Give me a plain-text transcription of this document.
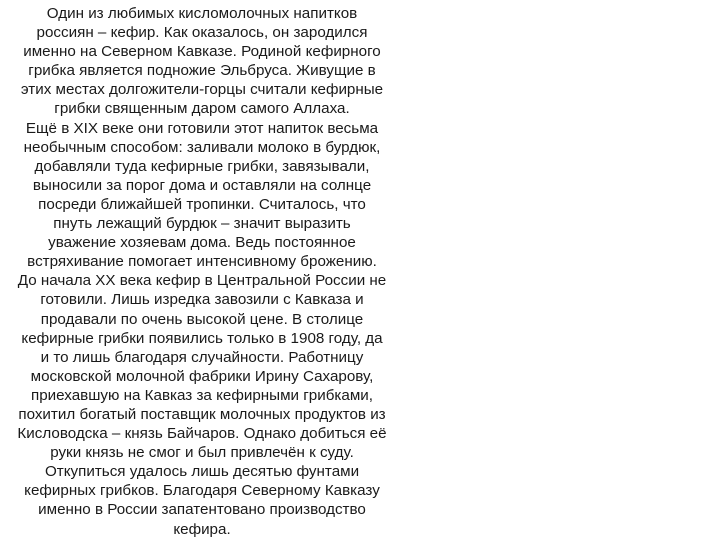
Один из любимых кисломолочных напитков
россиян – кефир. Как оказалось, он зародился
именно на Северном Кавказе. Родиной кефирного
грибка является подножие Эльбруса. Живущие в
этих местах долгожители-горцы считали кефирные
грибки священным даром самого Аллаха.
Ещё в XIX веке они готовили этот напиток весьма
необычным способом: заливали молоко в бурдюк,
добавляли туда кефирные грибки, завязывали,
выносили за порог дома и оставляли на солнце
посреди ближайшей тропинки. Считалось, что
пнуть лежащий бурдюк – значит выразить
уважение хозяевам дома. Ведь постоянное
встряхивание помогает интенсивному брожению.
До начала XX века кефир в Центральной России не
готовили. Лишь изредка завозили с Кавказа и
продавали по очень высокой цене. В столице
кефирные грибки появились только в 1908 году, да
и то лишь благодаря случайности. Работницу
московской молочной фабрики Ирину Сахарову,
приехавшую на Кавказ за кефирными грибками,
похитил богатый поставщик молочных продуктов из
Кисловодска – князь Байчаров. Однако добиться её
руки князь не смог и был привлечён к суду.
Откупиться удалось лишь десятью фунтами
кефирных грибков. Благодаря Северному Кавказу
именно в России запатентовано производство
кефира.
